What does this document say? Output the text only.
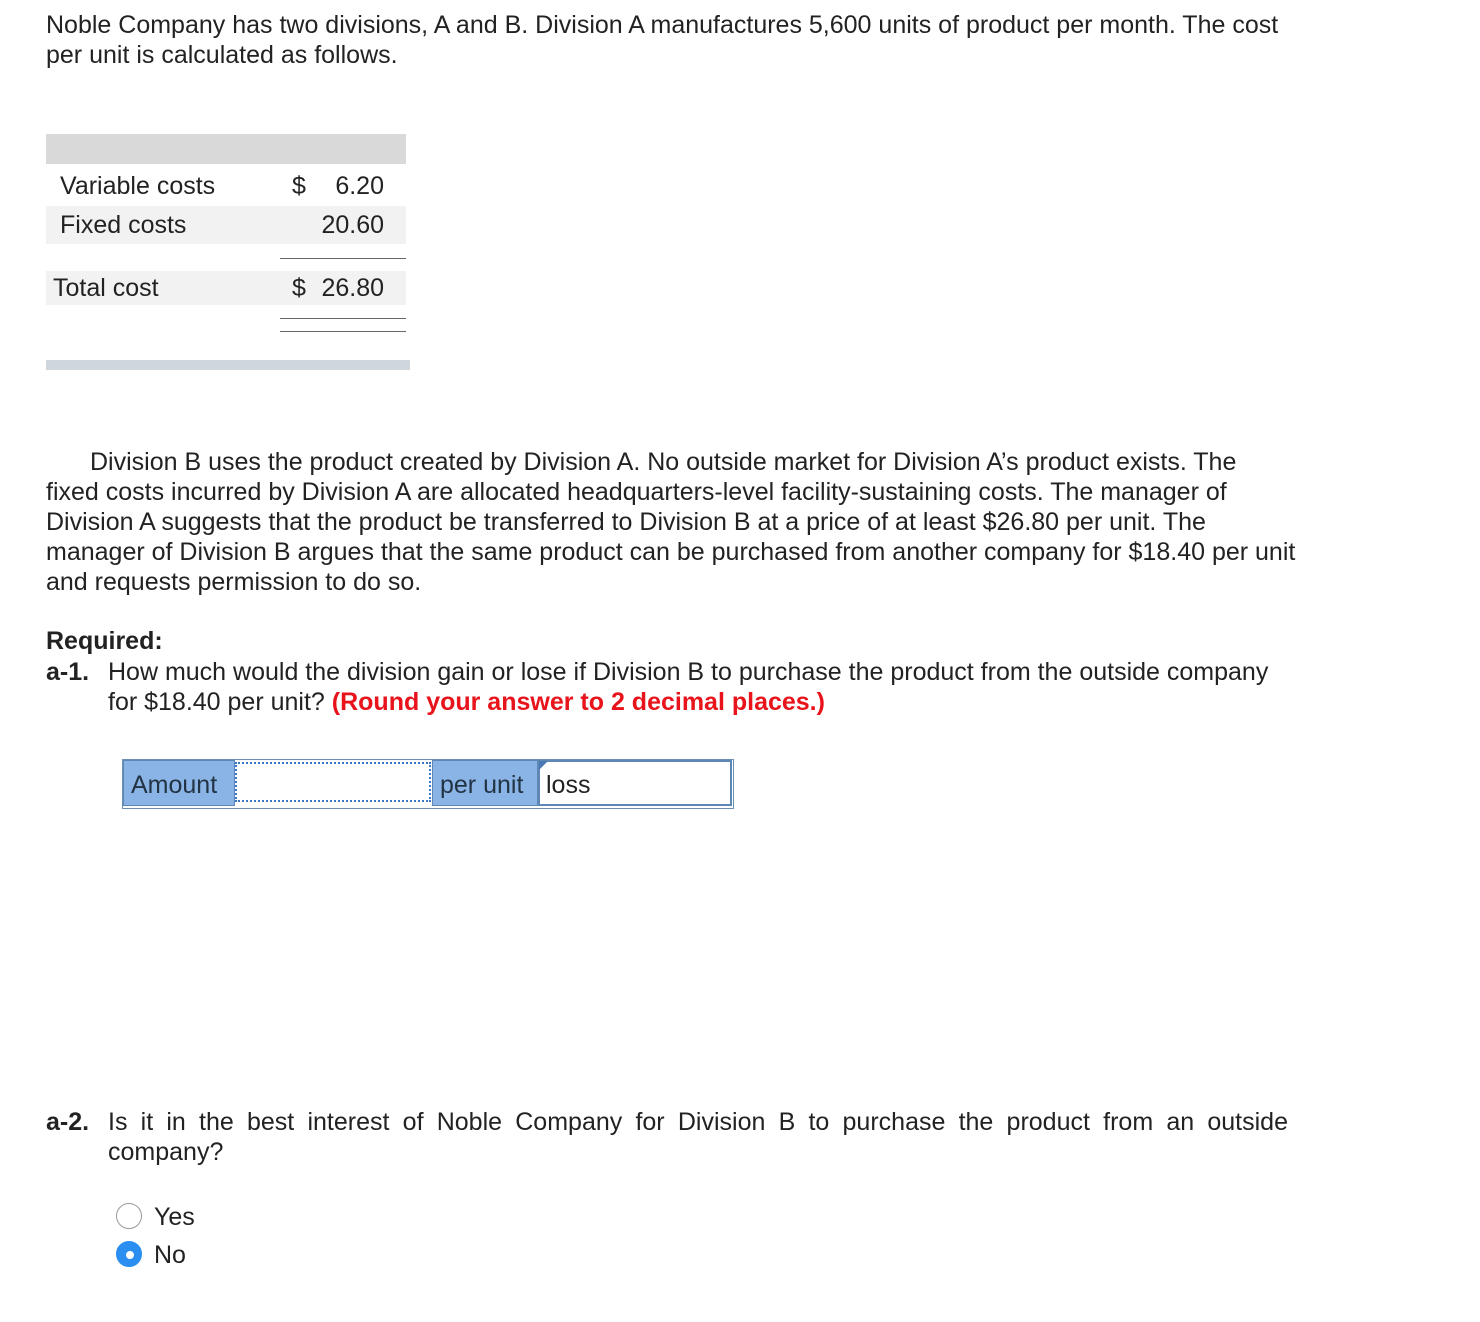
Noble Company has two divisions, A and B. Division A manufactures 5,600 units of product per month. The cost per unit is calculated as follows.

Variable costs	$ 6.20
Fixed costs	20.60
Total cost	$ 26.80

Division B uses the product created by Division A. No outside market for Division A’s product exists. The fixed costs incurred by Division A are allocated headquarters-level facility-sustaining costs. The manager of Division A suggests that the product be transferred to Division B at a price of at least $26.80 per unit. The manager of Division B argues that the same product can be purchased from another company for $18.40 per unit and requests permission to do so.

Required:
a-1. How much would the division gain or lose if Division B to purchase the product from the outside company for $18.40 per unit? (Round your answer to 2 decimal places.)
Amount	per unit loss
a-2. Is it in the best interest of Noble Company for Division B to purchase the product from an outside company?
Yes
No
